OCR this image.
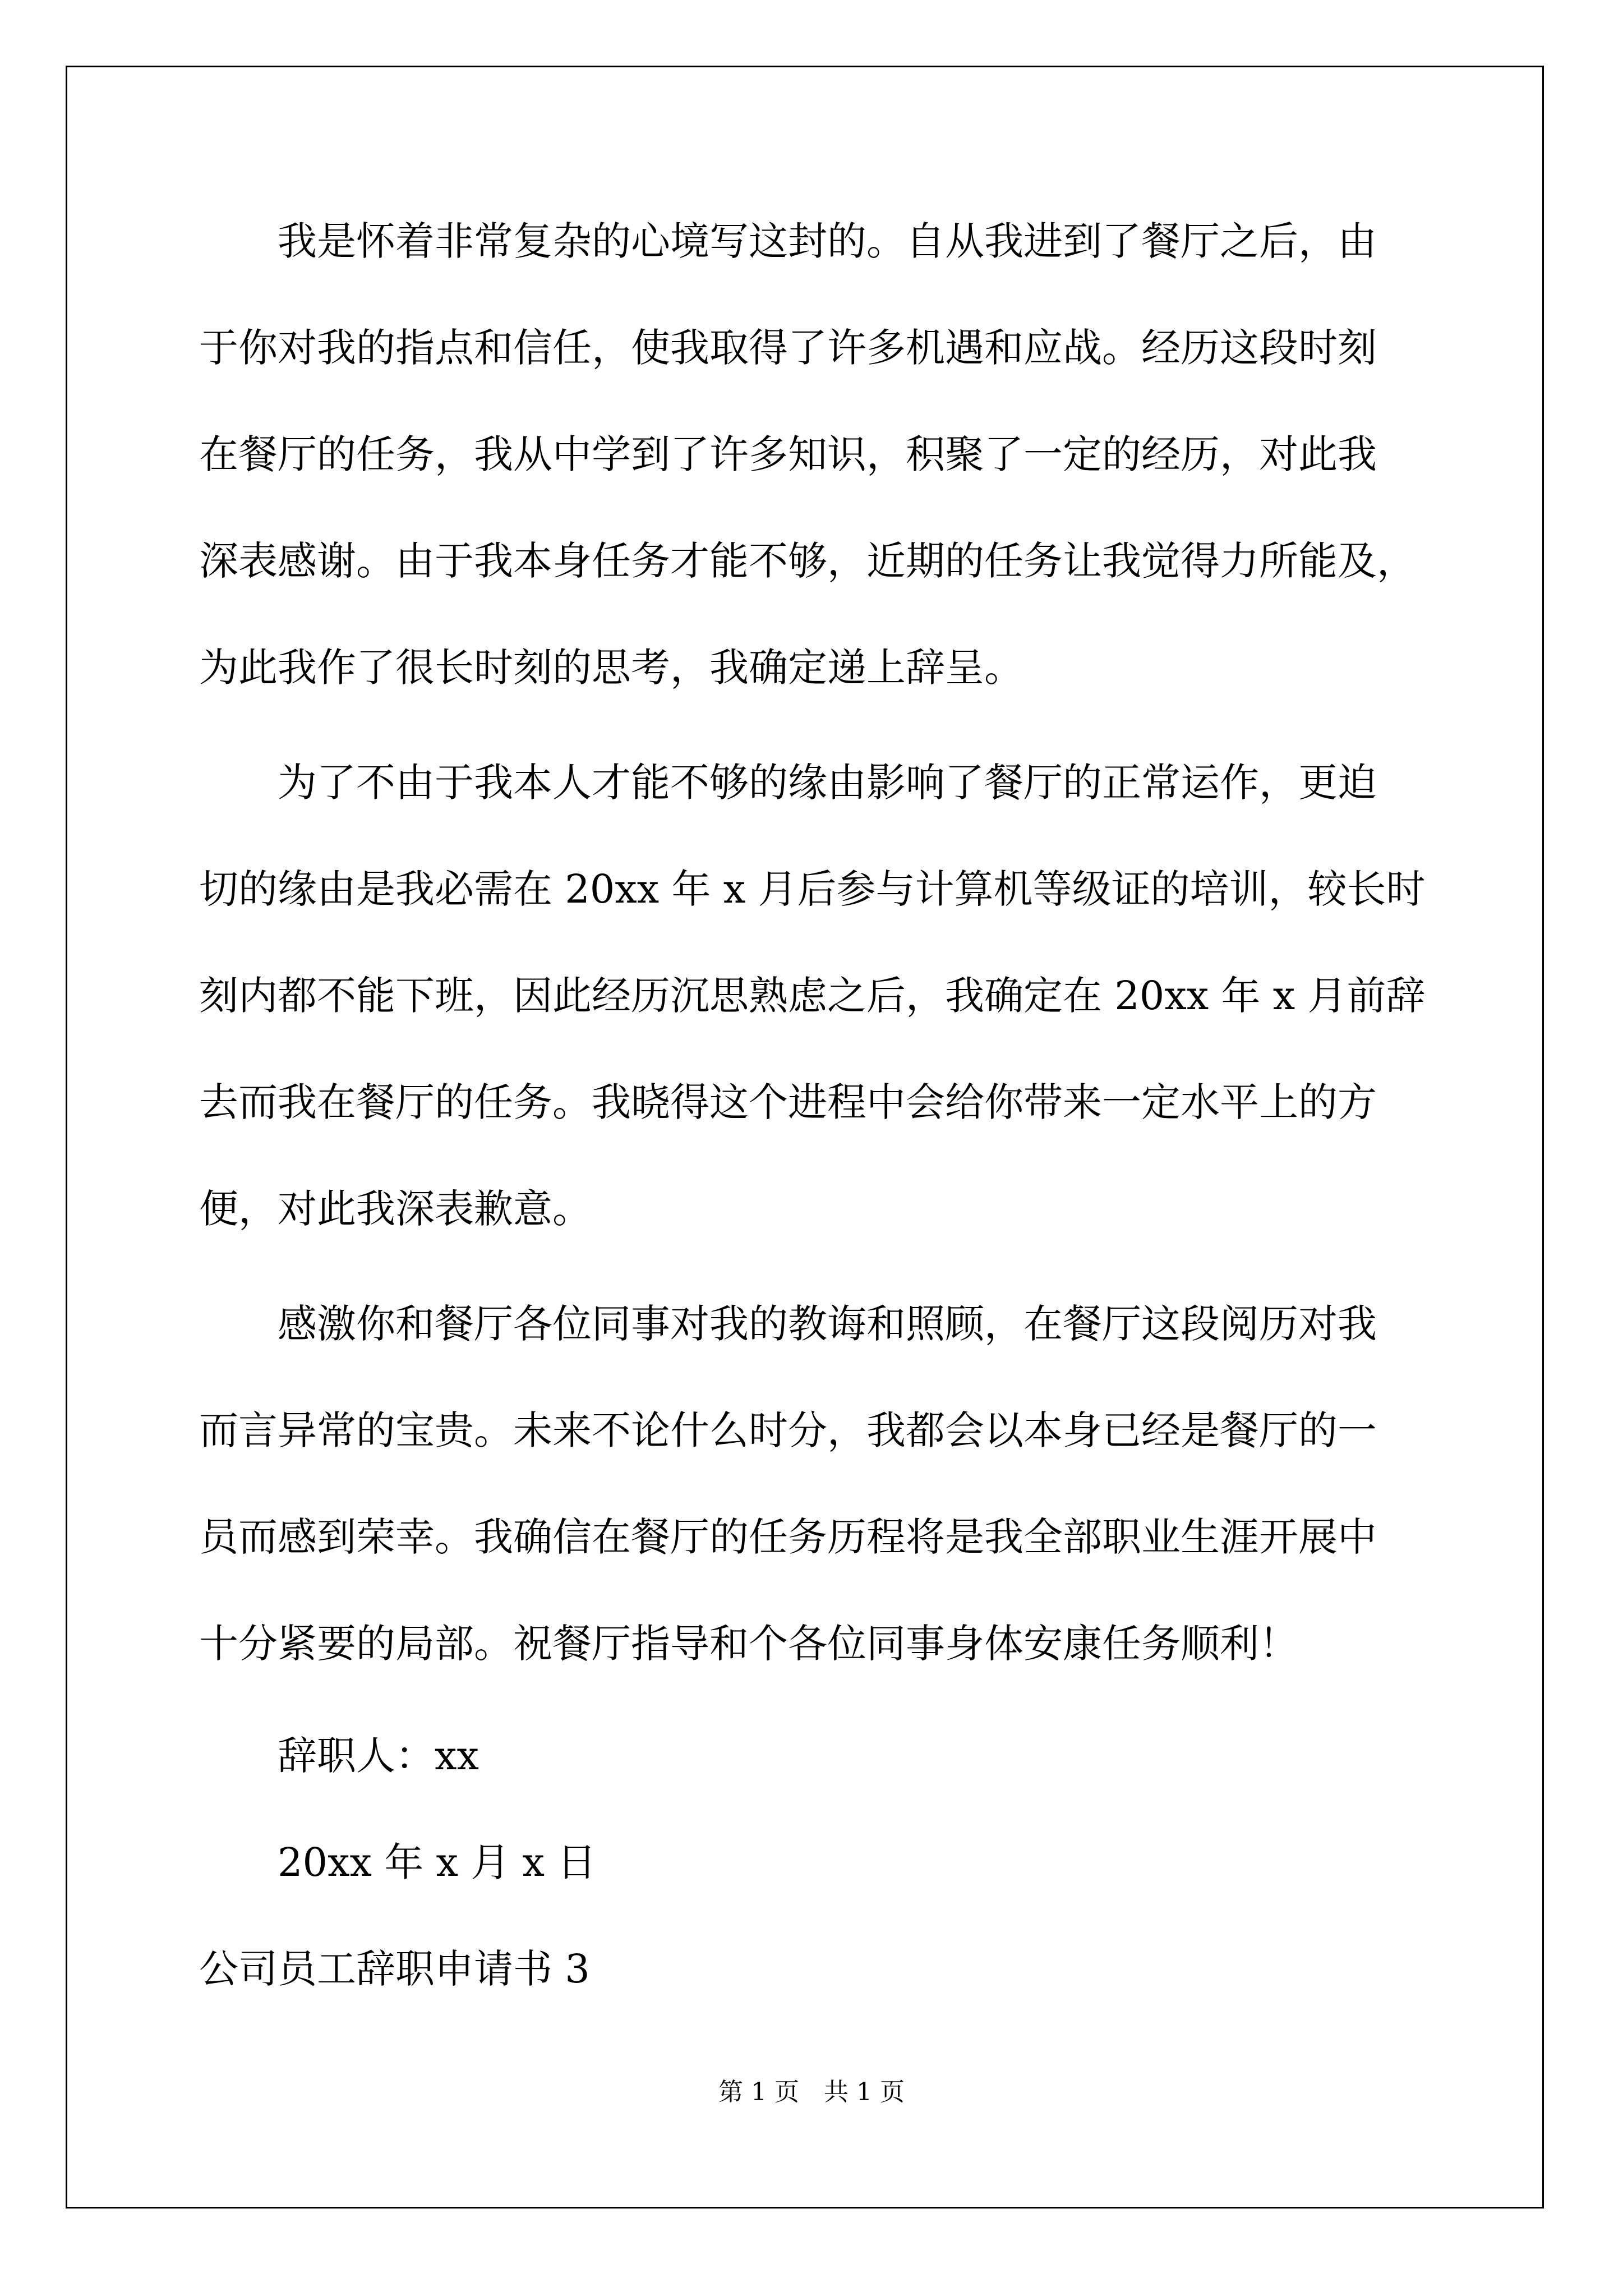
我是怀着非常复杂的心境写这封的。自从我进到了餐厅之后，由
于你对我的指点和信任，使我取得了许多机遇和应战。经历这段时刻
在餐厅的任务，我从中学到了许多知识，积聚了一定的经历，对此我
深表感谢。由于我本身任务才能不够，近期的任务让我觉得力所能及，
为此我作了很长时刻的思考，我确定递上辞呈。
为了不由于我本人才能不够的缘由影响了餐厅的正常运作，更迫
切的缘由是我必需在 20xx 年 x 月后参与计算机等级证的培训，较长时
刻内都不能下班，因此经历沉思熟虑之后，我确定在 20xx 年 x 月前辞
去而我在餐厅的任务。我晓得这个进程中会给你带来一定水平上的方
便，对此我深表歉意。
感激你和餐厅各位同事对我的教诲和照顾，在餐厅这段阅历对我
而言异常的宝贵。未来不论什么时分，我都会以本身已经是餐厅的一
员而感到荣幸。我确信在餐厅的任务历程将是我全部职业生涯开展中
十分紧要的局部。祝餐厅指导和个各位同事身体安康任务顺利！
辞职人：xx
20xx 年 x 月 x 日
公司员工辞职申请书 3
第 1 页　共 1 页
